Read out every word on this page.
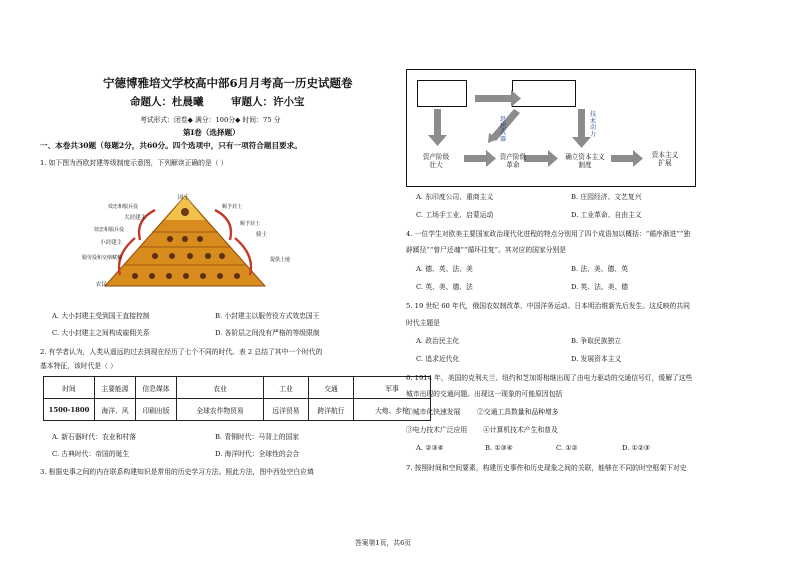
宁德博雅培文学校高中部6月月考高一历史试题卷
命题人：杜晨曦	审题人：许小宝
考试形式：闭卷◆ 满分：100分◆ 时间：75 分
第Ⅰ卷（选择题）
一、本卷共30题（每题2分，共60分。四个选项中，只有一项符合题目要求。
1. 如下图为西欧封建等级制度示意图，下列解读正确的是（ ）
国王
大封建主
小封建主
骑士
农民
效忠和服兵役
效忠和服兵役
服劳役和交纳赋税
赐予封土
赐予封土
提供土地
A. 大小封建主受到国王直接控制	B. 小封建主以服劳役方式效忠国王
C. 大小封建主之间构成雇佣关系	D. 各阶层之间没有严格的等级限制
2. 有学者认为，人类从遥远的过去到现在经历了七个不同的时代。表 2 总结了其中一个时代的
基本特征，该时代是（ ）
时间	主要能源	信息媒体	农业	工业	交通	军事
1500-1800	海洋、风	印刷出版	全球农作物贸易	远洋贸易	跨洋航行	大炮、步枪
A. 新石器时代：农业和村落	B. 青铜时代：马背上的国家
C. 古典时代：帝国的诞生	D. 海洋时代：全球性的会合
3. 根据史事之间的内在联系构建知识是常用的历史学习方法。照此方法，图中西处空白应填
思想武器
技术动力
资产阶级
壮大
资产阶级
革命
确立资本主义
制度
资本主义
扩展
A. 东印度公司、重商主义	B. 庄园经济、文艺复兴
C. 工场手工业、启蒙运动	D. 工业革命、自由主义
4. 一位学生对欧美主要国家政治现代化进程的特点分别用了四个成语加以概括：“循序渐进”“独
辟蹊径”“曾尸还魂”“循环往复”。其对应的国家分别是
A. 德、英、法、美	B. 法、美、德、英
C. 英、美、德、法	D. 英、法、美、德
5. 19 世纪 60 年代，俄国农奴制改革、中国洋务运动、日本明治维新先后发生。这反映的共同
时代主题是
A. 政治民主化	B. 争取民族独立
C. 追求近代化	D. 发展资本主义
6. 1914 年，美国的克利夫兰、纽约和芝加哥相继出现了由电力驱动的交通信号灯，缓解了这些
城市出现的交通问题。出现这一现象的可能原因包括
①城市化快速发展 ②交通工具数量和品种增多
③电力技术广泛应用 ④计算机技术产生和普及
A. ②③④	B. ①③④	C. ①②	D. ①②③
7. 按照时间和空间要素，构建历史事件和历史现象之间的关联，能够在不同的时空框架下对史
答案第1页，共6页
